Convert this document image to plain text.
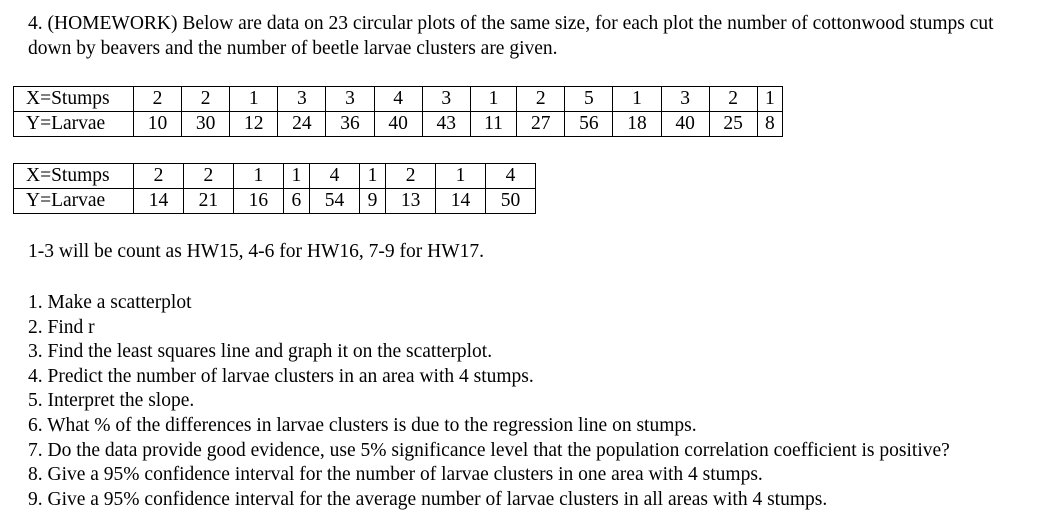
4. (HOMEWORK) Below are data on 23 circular plots of the same size, for each plot the number of cottonwood stumps cut down by beavers and the number of beetle larvae clusters are given.

X=Stumps	2	2	1	3	3	4	3	1	2	5	1	3	2	1
Y=Larvae	10	30	12	24	36	40	43	11	27	56	18	40	25	8
X=Stumps	2	2	1	1	4	1	2	1	4
Y=Larvae	14	21	16	6	54	9	13	14	50

1-3 will be count as HW15, 4-6 for HW16, 7-9 for HW17.

1. Make a scatterplot
2. Find r
3. Find the least squares line and graph it on the scatterplot.
4. Predict the number of larvae clusters in an area with 4 stumps.
5. Interpret the slope.
6. What % of the differences in larvae clusters is due to the regression line on stumps.
7. Do the data provide good evidence, use 5% significance level that the population correlation coefficient is positive?
8. Give a 95% confidence interval for the number of larvae clusters in one area with 4 stumps.
9. Give a 95% confidence interval for the average number of larvae clusters in all areas with 4 stumps.
